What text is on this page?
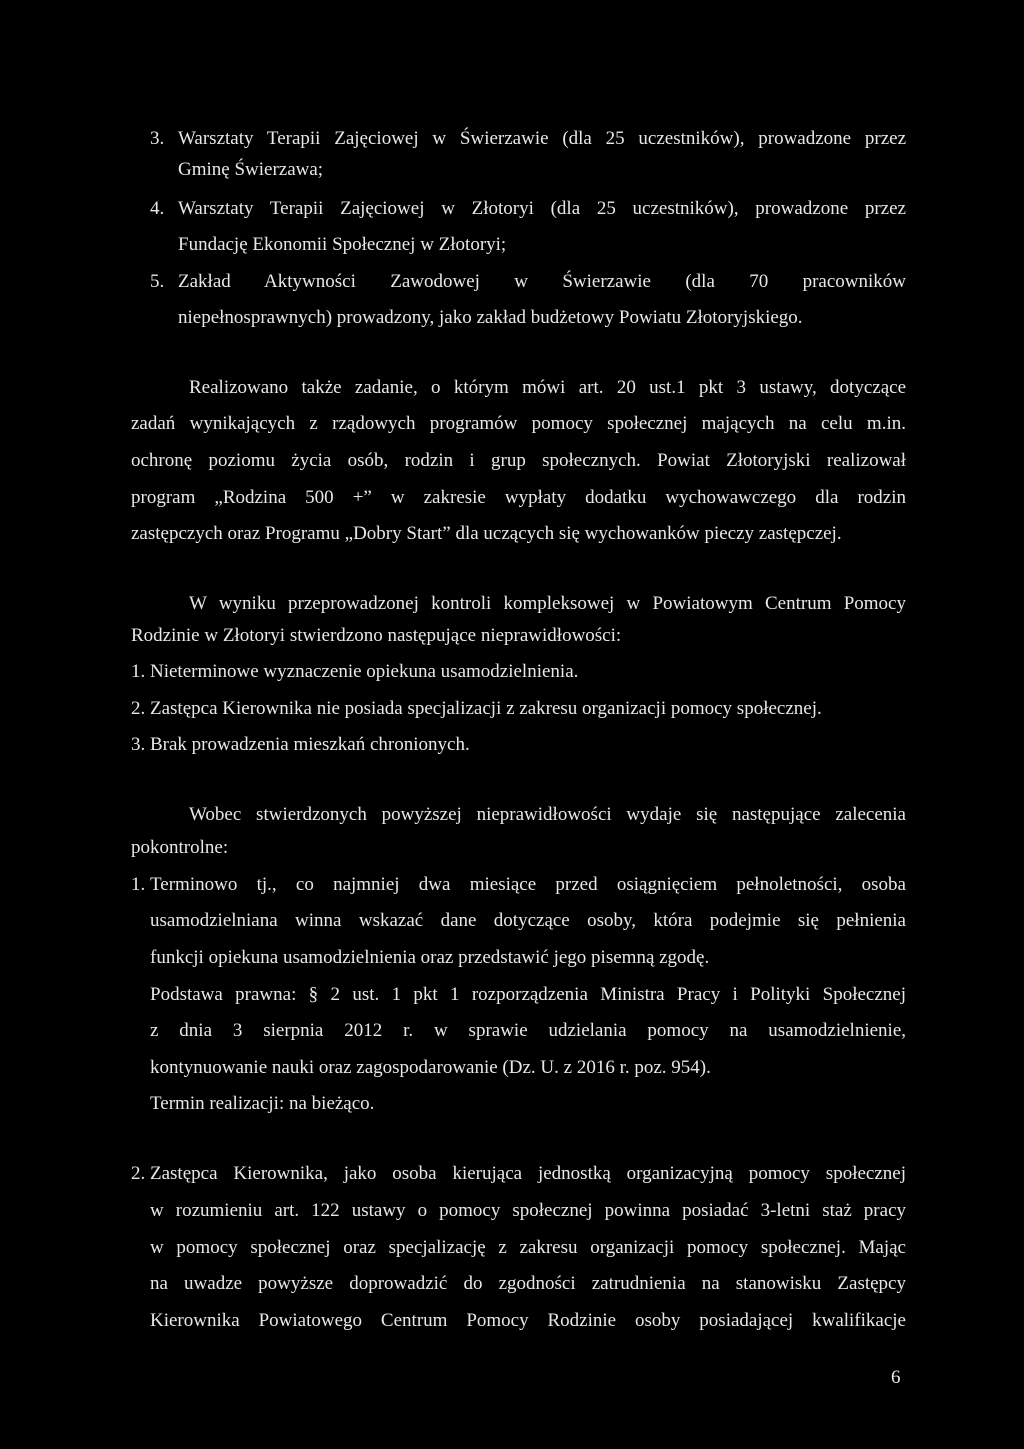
3. Warsztaty Terapii Zajęciowej w Świerzawie (dla 25 uczestników), prowadzone przez
Gminę Świerzawa;
4. Warsztaty Terapii Zajęciowej w Złotoryi (dla 25 uczestników), prowadzone przez
Fundację Ekonomii Społecznej w Złotoryi;
5. Zakład Aktywności Zawodowej w Świerzawie (dla 70 pracowników
niepełnosprawnych) prowadzony, jako zakład budżetowy Powiatu Złotoryjskiego.
Realizowano także zadanie, o którym mówi art. 20 ust.1 pkt 3 ustawy, dotyczące
zadań wynikających z rządowych programów pomocy społecznej mających na celu m.in.
ochronę poziomu życia osób, rodzin i grup społecznych. Powiat Złotoryjski realizował
program „Rodzina 500 +” w zakresie wypłaty dodatku wychowawczego dla rodzin
zastępczych oraz Programu „Dobry Start” dla uczących się wychowanków pieczy zastępczej.
W wyniku przeprowadzonej kontroli kompleksowej w Powiatowym Centrum Pomocy
Rodzinie w Złotoryi stwierdzono następujące nieprawidłowości:
1. Nieterminowe wyznaczenie opiekuna usamodzielnienia.
2. Zastępca Kierownika nie posiada specjalizacji z zakresu organizacji pomocy społecznej.
3. Brak prowadzenia mieszkań chronionych.
Wobec stwierdzonych powyższej nieprawidłowości wydaje się następujące zalecenia
pokontrolne:
1. Terminowo tj., co najmniej dwa miesiące przed osiągnięciem pełnoletności, osoba
usamodzielniana winna wskazać dane dotyczące osoby, która podejmie się pełnienia
funkcji opiekuna usamodzielnienia oraz przedstawić jego pisemną zgodę.
Podstawa prawna: § 2 ust. 1 pkt 1 rozporządzenia Ministra Pracy i Polityki Społecznej
z dnia 3 sierpnia 2012 r. w sprawie udzielania pomocy na usamodzielnienie,
kontynuowanie nauki oraz zagospodarowanie (Dz. U. z 2016 r. poz. 954).
Termin realizacji: na bieżąco.
2. Zastępca Kierownika, jako osoba kierująca jednostką organizacyjną pomocy społecznej
w rozumieniu art. 122 ustawy o pomocy społecznej powinna posiadać 3-letni staż pracy
w pomocy społecznej oraz specjalizację z zakresu organizacji pomocy społecznej. Mając
na uwadze powyższe doprowadzić do zgodności zatrudnienia na stanowisku Zastępcy
Kierownika Powiatowego Centrum Pomocy Rodzinie osoby posiadającej kwalifikacje
6
